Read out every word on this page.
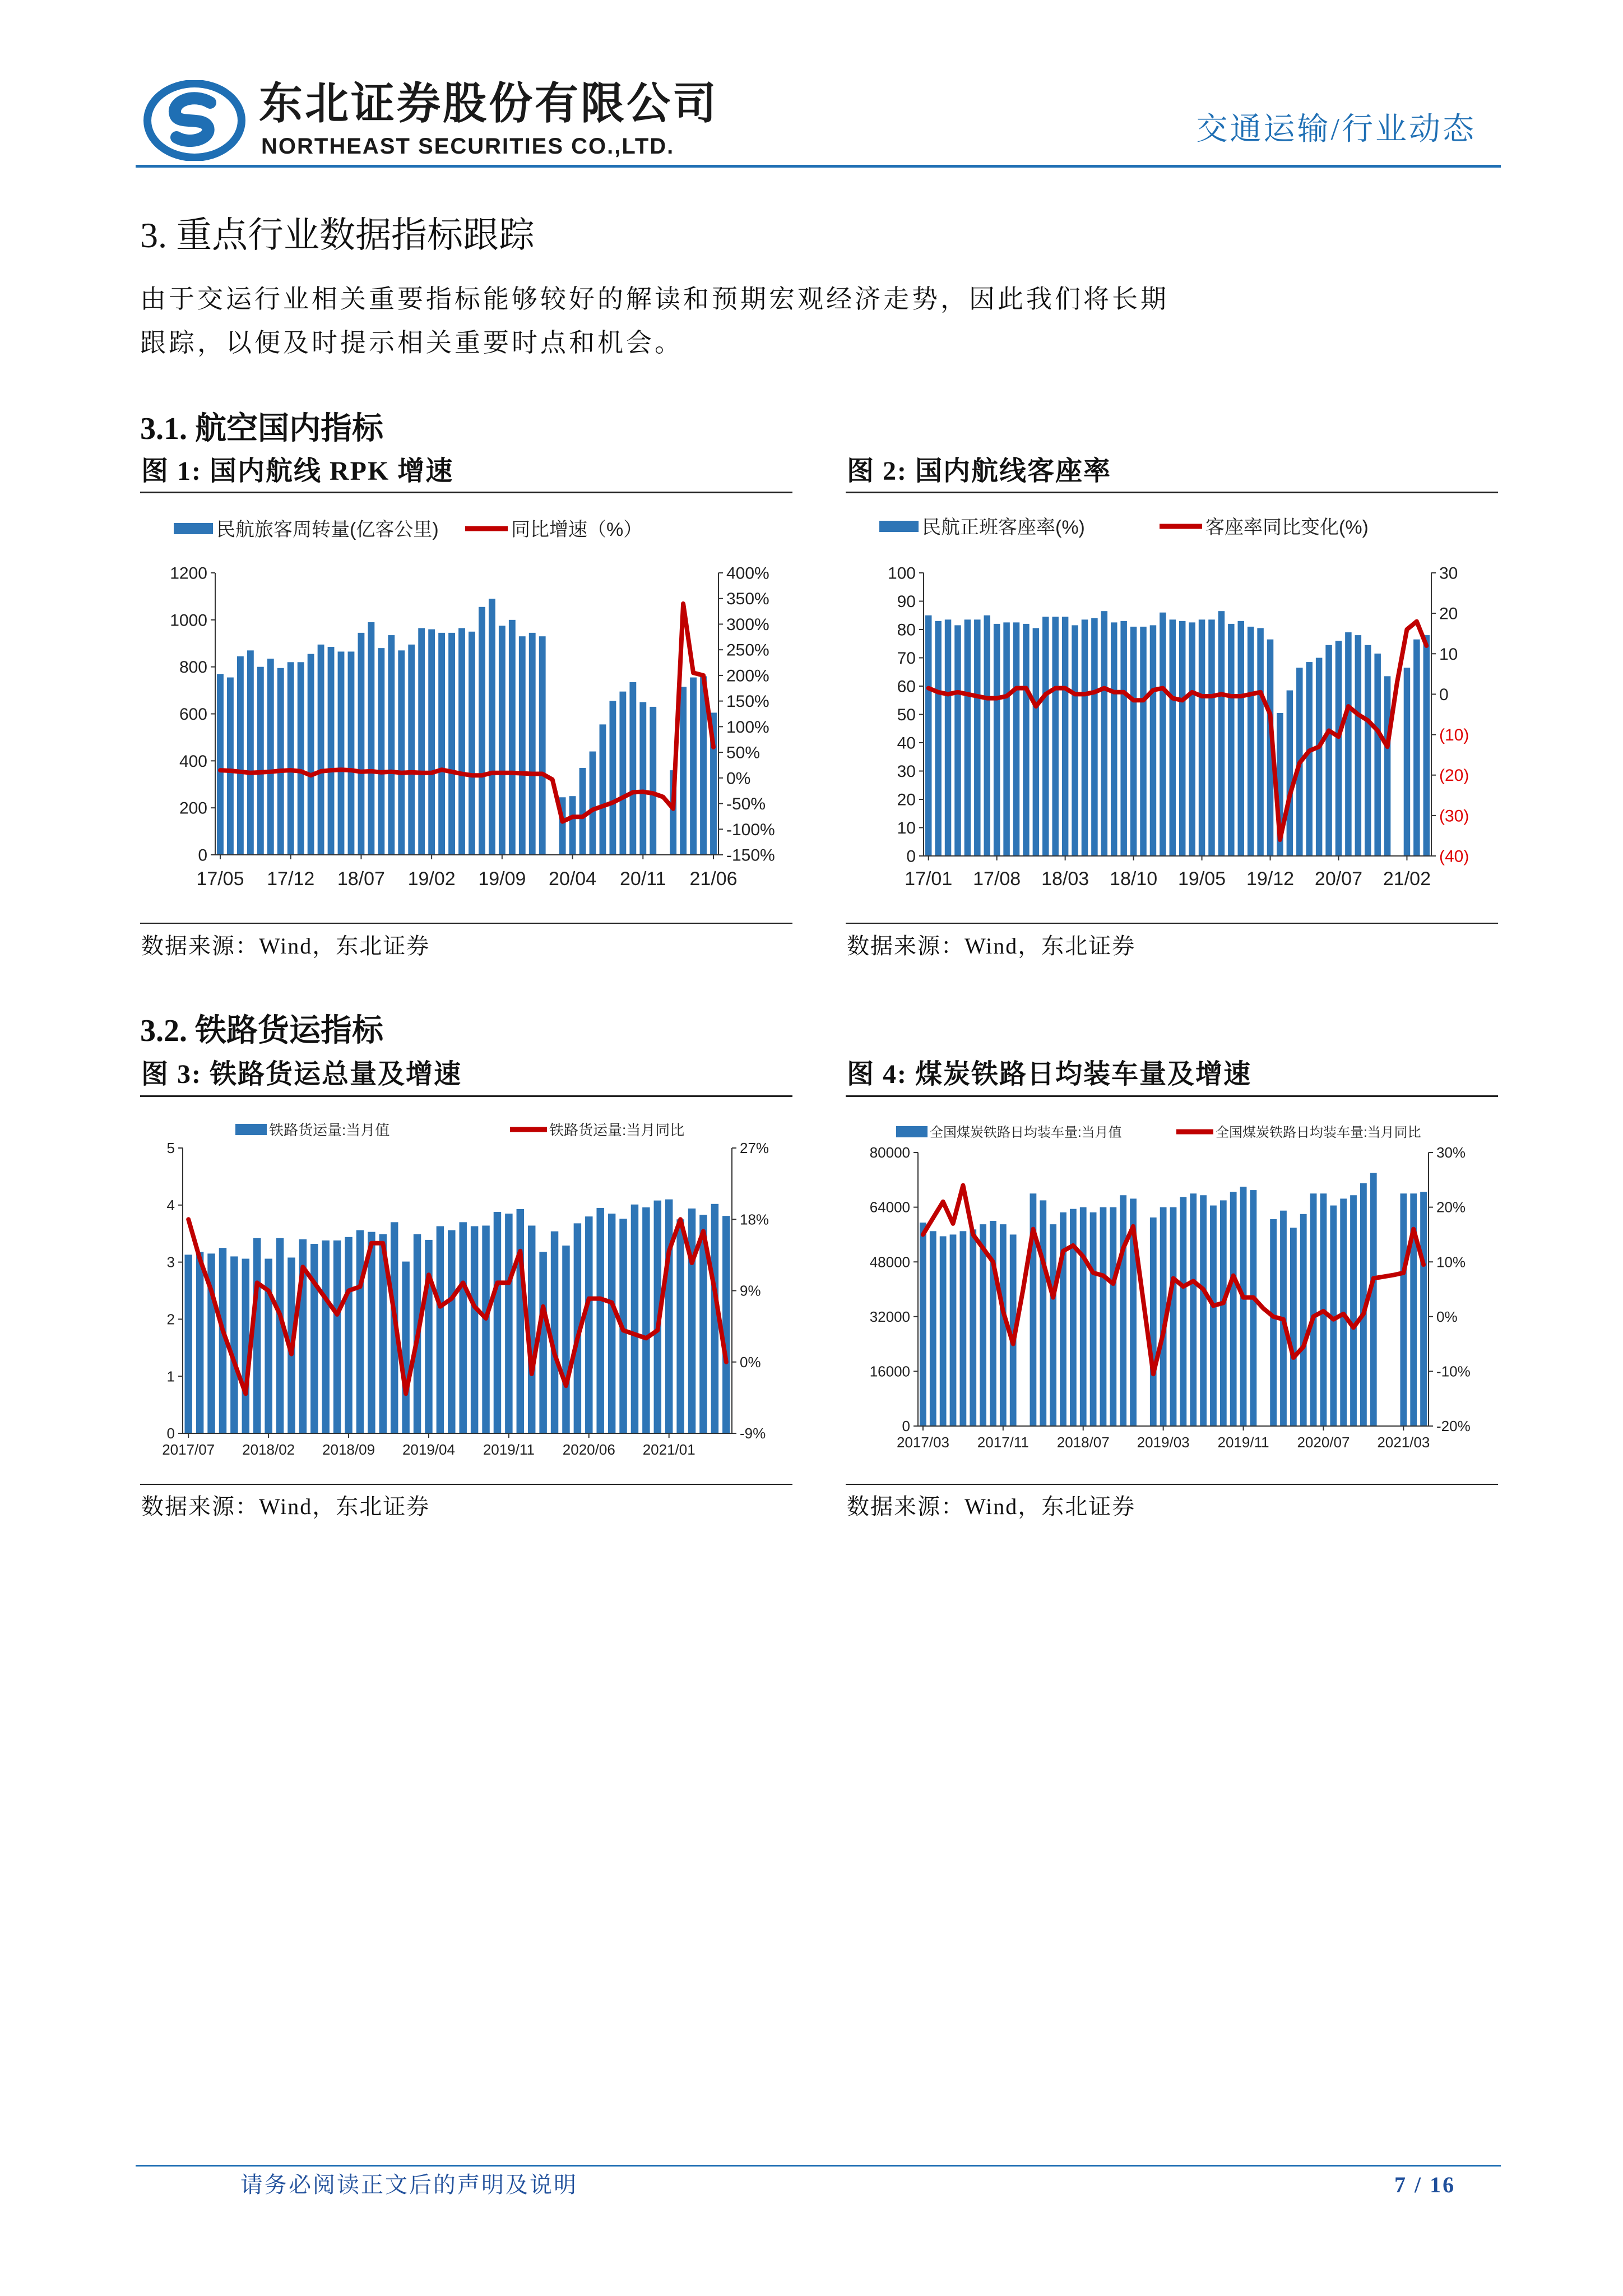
东北证券股份有限公司
NORTHEAST SECURITIES CO.,LTD.	交通运输/行业动态
3. 重点行业数据指标跟踪
由于交运行业相关重要指标能够较好的解读和预期宏观经济走势，因此我们将长期
跟踪，以便及时提示相关重要时点和机会。
3.1. 航空国内指标
图 1: 国内航线 RPK 增速	图 2: 国内航线客座率
民航旅客周转量(亿客公里)	同比增速（%）
0
200
400
600
800
1000
1200
-150%
-100%
-50%
0%
50%
100%
150%
200%
250%
300%
350%
400%
17/05 17/12 18/07 19/02 19/09 20/04 20/11 21/06
民航正班客座率(%)	客座率同比变化(%)
0
10
20
30
40
50
60
70
80
90
100
(40)
(30)
(20)
(10)
0
10
20
30
17/01 17/08 18/03 18/10 19/05 19/12 20/07 21/02
数据来源：Wind，东北证券	数据来源：Wind，东北证券
3.2. 铁路货运指标
图 3: 铁路货运总量及增速	图 4: 煤炭铁路日均装车量及增速
铁路货运量:当月值	铁路货运量:当月同比
0
1
2
3
4
5
-9%
0%
9%
18%
27%
2017/07 2018/02 2018/09 2019/04 2019/11 2020/06 2021/01
全国煤炭铁路日均装车量:当月值	全国煤炭铁路日均装车量:当月同比
0
16000
32000
48000
64000
80000
-20%
-10%
0%
10%
20%
30%
2017/03 2017/11 2018/07 2019/03 2019/11 2020/07 2021/03
数据来源：Wind，东北证券	数据来源：Wind，东北证券
请务必阅读正文后的声明及说明	7 / 16
